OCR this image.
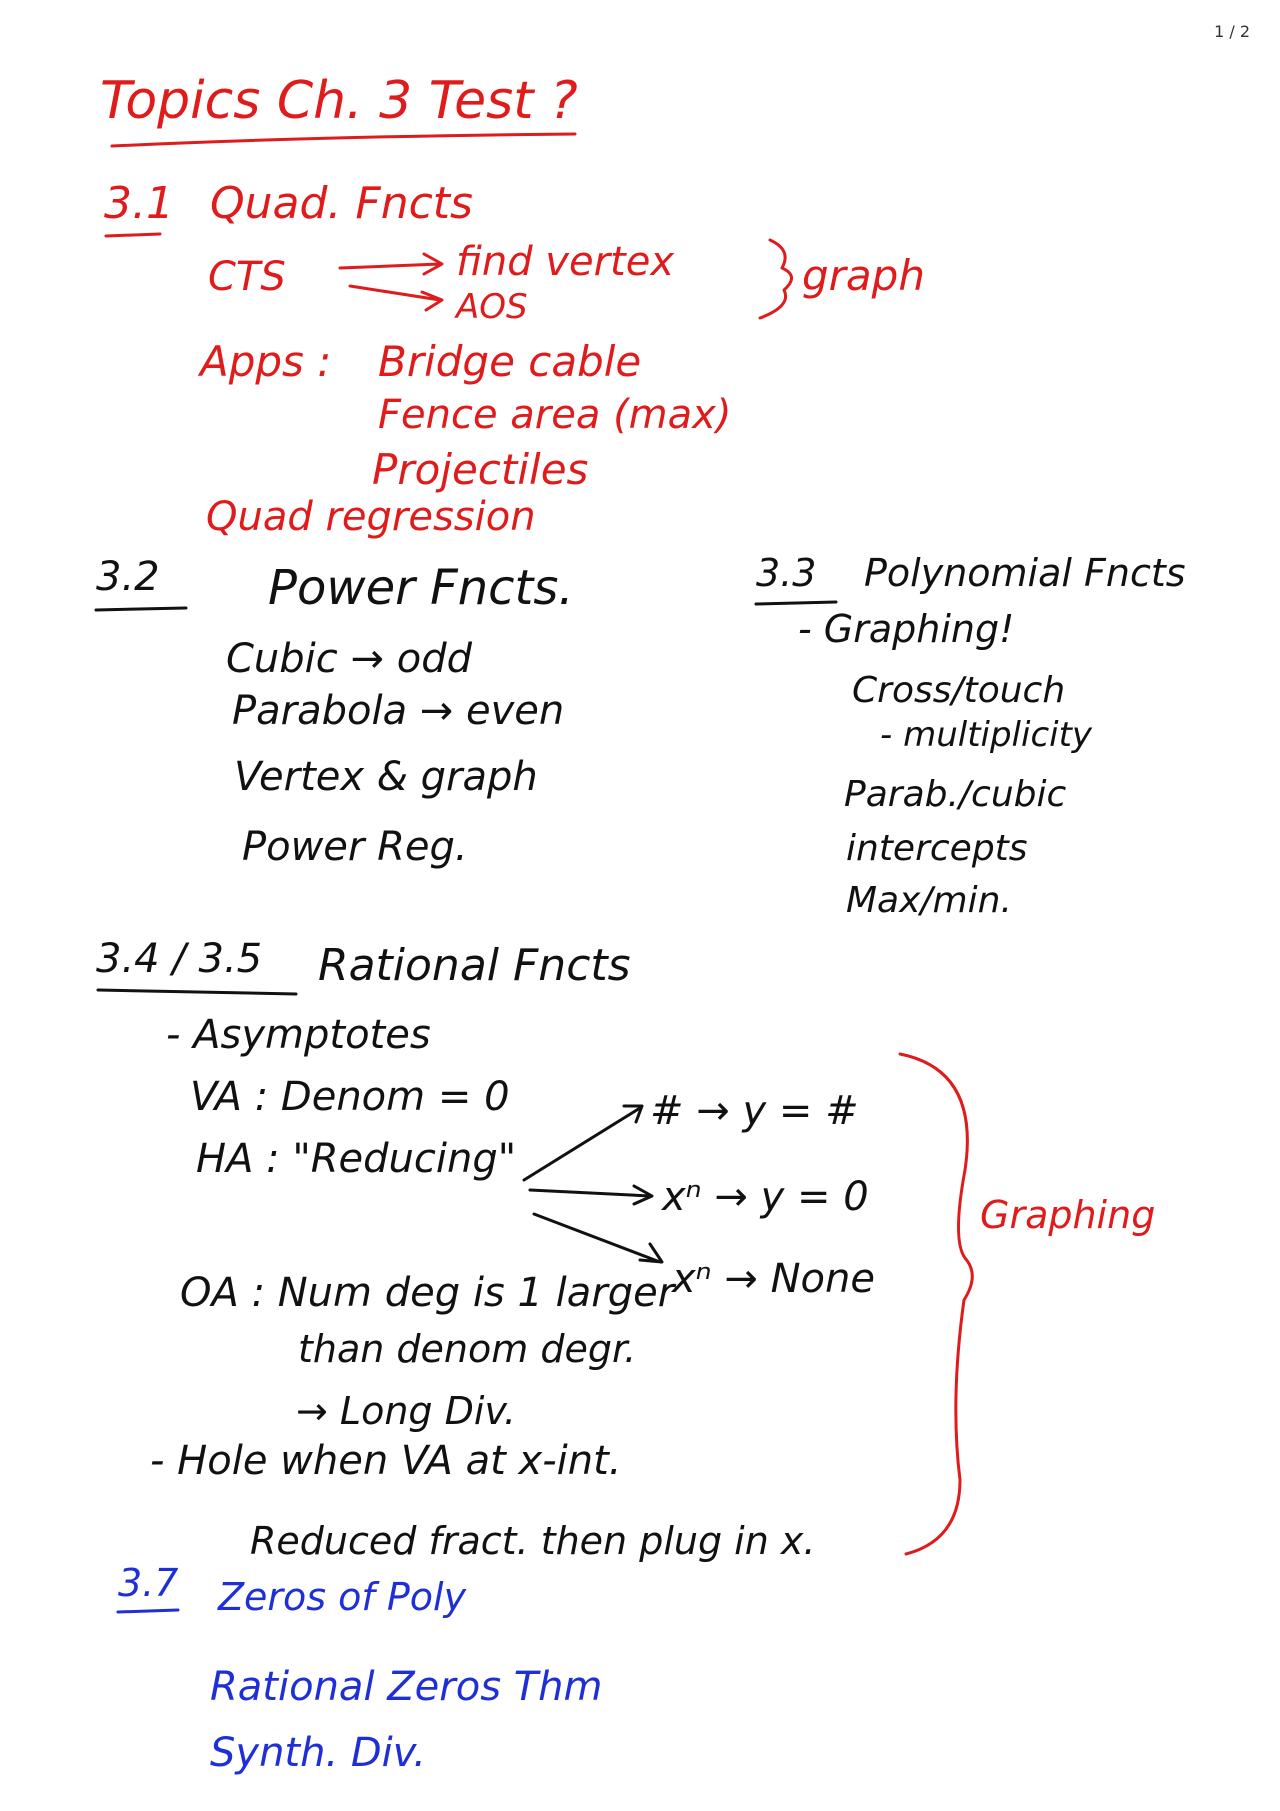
1 / 2
Topics Ch. 3 Test ?
3.1 Quad. Fncts
CTS	find vertex
AOS
graph
Apps : Bridge cable
Fence area (max)
Projectiles
Quad regression
3.2 Power Fncts.
Cubic → odd
Parabola → even
Vertex & graph
Power Reg.
3.3 Polynomial Fncts
- Graphing!
Cross/touch
- multiplicity
Parab./cubic
intercepts
Max/min.
3.4 / 3.5 Rational Fncts
- Asymptotes
VA : Denom = 0
HA : "Reducing"
# → y = #
xⁿ → y = 0
xⁿ → None
OA : Num deg is 1 larger
than denom degr.
→ Long Div.
- Hole when VA at x-int.
Reduced fract. then plug in x.
Graphing
3.7 Zeros of Poly
Rational Zeros Thm
Synth. Div.
